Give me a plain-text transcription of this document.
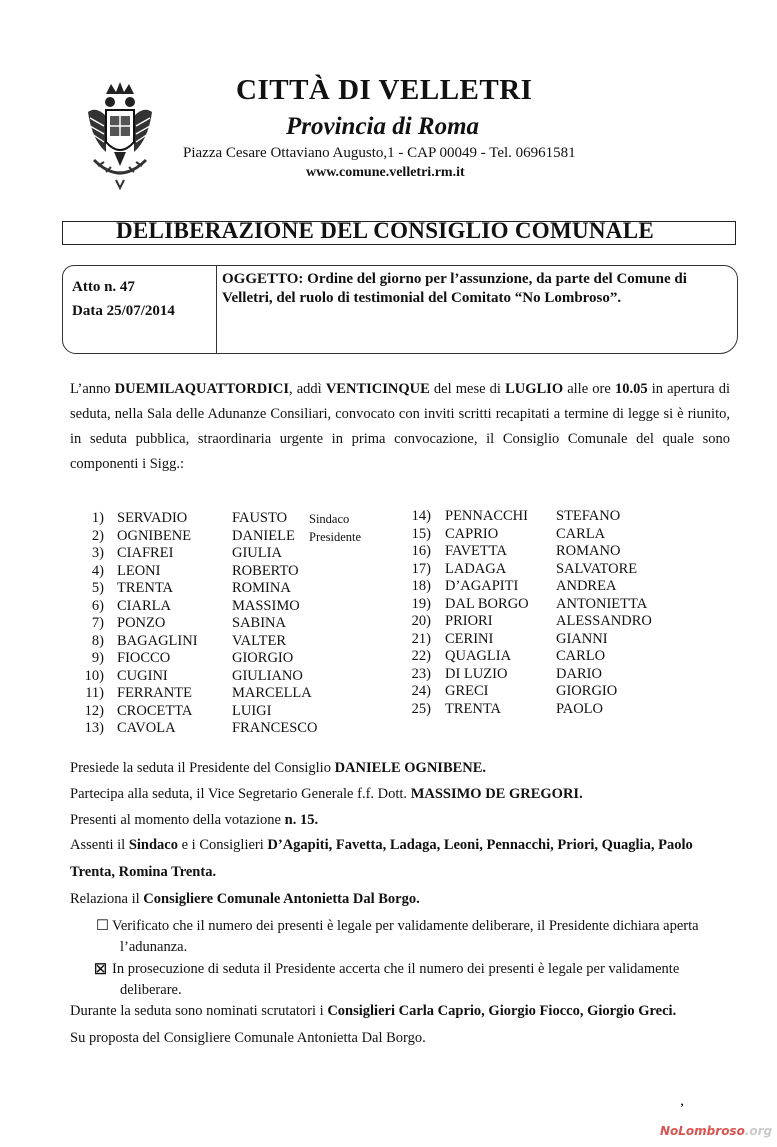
CITTÀ DI VELLETRI
Provincia di Roma
Piazza Cesare Ottaviano Augusto,1 - CAP 00049 - Tel. 06961581
www.comune.velletri.rm.it
DELIBERAZIONE DEL CONSIGLIO COMUNALE
Atto n. 47
Data 25/07/2014
OGGETTO: Ordine del giorno per l’assunzione, da parte del Comune di Velletri, del ruolo di testimonial del Comitato “No Lombroso”.
L’anno DUEMILAQUATTORDICI, addì VENTICINQUE del mese di LUGLIO alle ore 10.05 in apertura di seduta, nella Sala delle Adunanze Consiliari, convocato con inviti scritti recapitati a termine di legge si è riunito, in seduta pubblica, straordinaria urgente in prima convocazione, il Consiglio Comunale del quale sono componenti i Sigg.:
1) SERVADIO	FAUSTO Sindaco
2) OGNIBENE	DANIELE Presidente
3) CIAFREI	GIULIA
4) LEONI	ROBERTO
5) TRENTA	ROMINA
6) CIARLA	MASSIMO
7) PONZO	SABINA
8) BAGAGLINI VALTER
9) FIOCCO	GIORGIO
10) CUGINI	GIULIANO
11) FERRANTE	MARCELLA
12) CROCETTA	LUIGI
13) CAVOLA	FRANCESCO
14) PENNACCHI STEFANO
15) CAPRIO	CARLA
16) FAVETTA	ROMANO
17) LADAGA	SALVATORE
18) D’AGAPITI	ANDREA
19) DAL BORGO ANTONIETTA
20) PRIORI	ALESSANDRO
21) CERINI	GIANNI
22) QUAGLIA	CARLO
23) DI LUZIO	DARIO
24) GRECI	GIORGIO
25) TRENTA	PAOLO
Presiede la seduta il Presidente del Consiglio DANIELE OGNIBENE.
Partecipa alla seduta, il Vice Segretario Generale f.f. Dott. MASSIMO DE GREGORI.
Presenti al momento della votazione n. 15.
Assenti il Sindaco e i Consiglieri D’Agapiti, Favetta, Ladaga, Leoni, Pennacchi, Priori, Quaglia, Paolo
Trenta, Romina Trenta.
Relaziona il Consigliere Comunale Antonietta Dal Borgo.
☐ Verificato che il numero dei presenti è legale per validamente deliberare, il Presidente dichiara aperta
l’adunanza.
☒ In prosecuzione di seduta il Presidente accerta che il numero dei presenti è legale per validamente
deliberare.
Durante la seduta sono nominati scrutatori i Consiglieri Carla Caprio, Giorgio Fiocco, Giorgio Greci.
Su proposta del Consigliere Comunale Antonietta Dal Borgo.
’
NoLombroso.org
